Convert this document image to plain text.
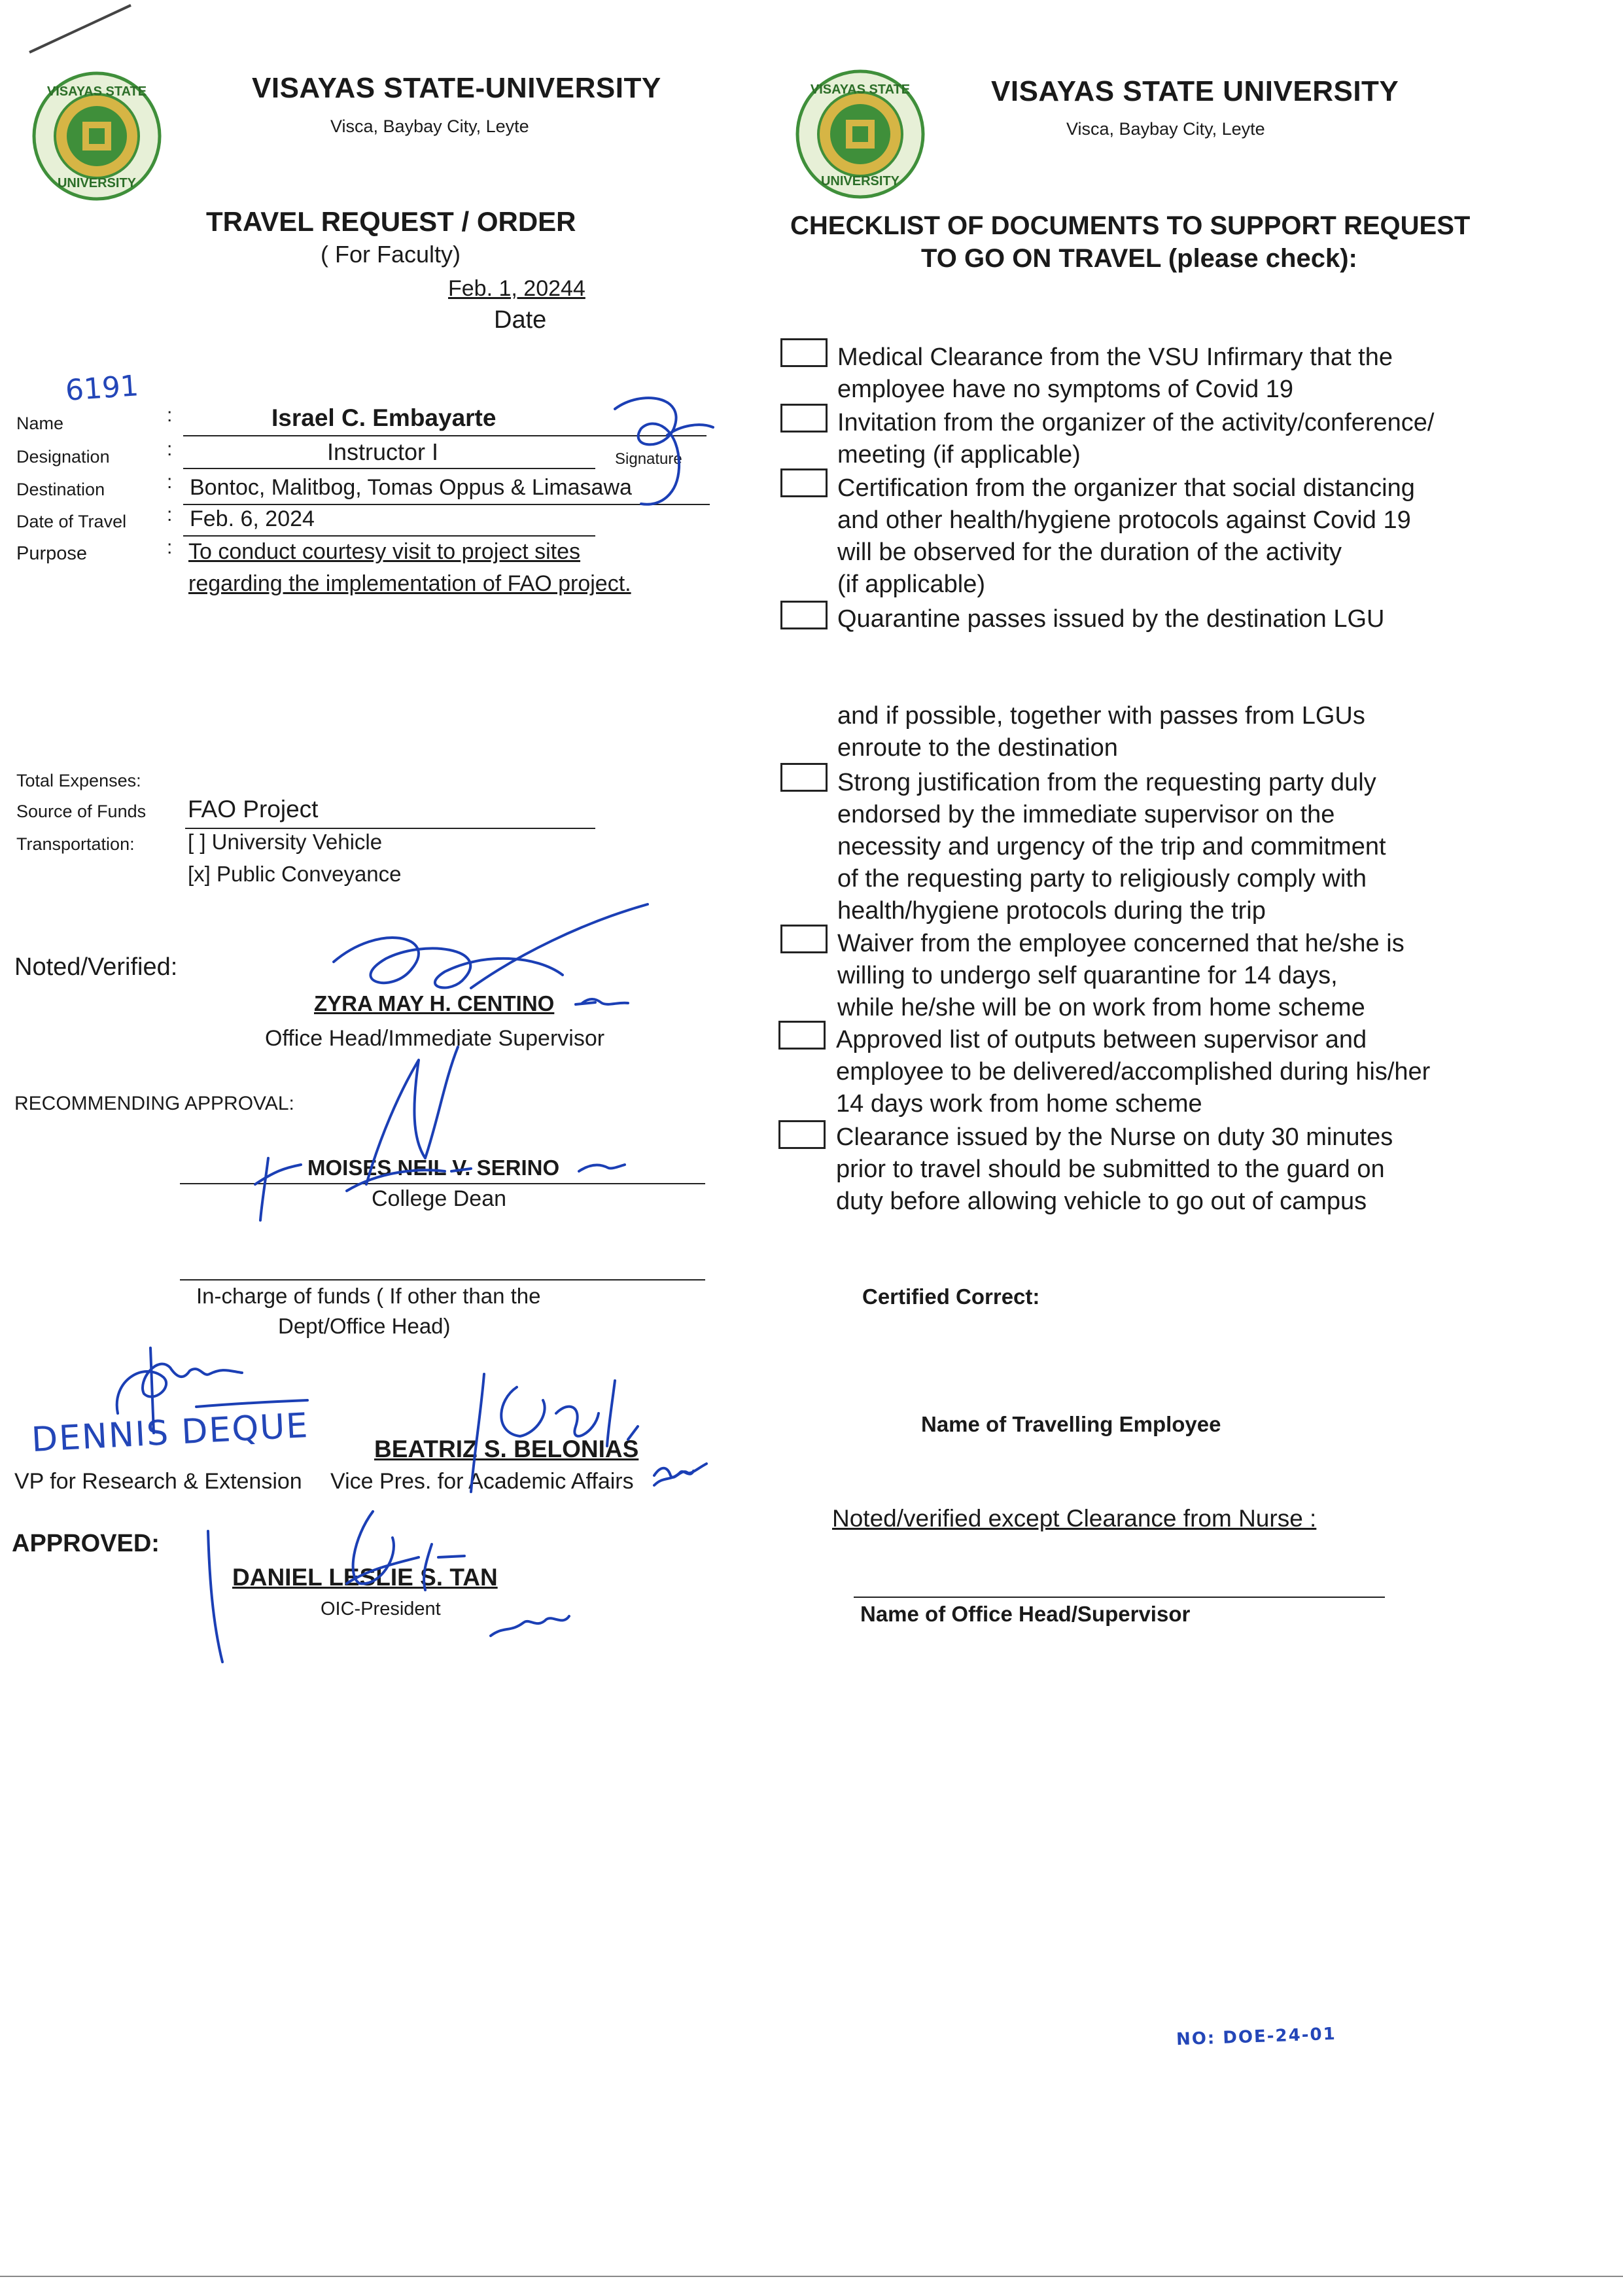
VISAYAS STATE
UNIVERSITY
VISAYAS STATE-UNIVERSITY
Visca, Baybay City, Leyte
VISAYAS STATE
UNIVERSITY
VISAYAS STATE UNIVERSITY
Visca, Baybay City, Leyte
TRAVEL REQUEST / ORDER
( For Faculty)
Feb. 1, 20244
Date
6191
Name	:	Israel C. Embayarte
Designation	:	Instructor I	Signature
Destination	: Bontoc, Malitbog, Tomas Oppus & Limasawa
Date of Travel : Feb. 6, 2024
Purpose	: To conduct courtesy visit to project sites
regarding the implementation of FAO project.
Total Expenses:
Source of Funds FAO Project
Transportation: [ ] University Vehicle
[x] Public Conveyance
Noted/Verified:
ZYRA MAY H. CENTINO
Office Head/Immediate Supervisor
RECOMMENDING APPROVAL:
MOISES NEIL V. SERINO
College Dean
In-charge of funds ( If other than the
Dept/Office Head)
DENNIS DEQUE
VP for Research & Extension
BEATRIZ S. BELONIAS
Vice Pres. for Academic Affairs
APPROVED:
DANIEL LESLIE S. TAN
OIC-President
CHECKLIST OF DOCUMENTS TO SUPPORT REQUEST
TO GO ON TRAVEL (please check):
Medical Clearance from the VSU Infirmary that the
employee have no symptoms of Covid 19
Invitation from the organizer of the activity/conference/
meeting (if applicable)
Certification from the organizer that social distancing
and other health/hygiene protocols against Covid 19
will be observed for the duration of the activity
(if applicable)
Quarantine passes issued by the destination LGU
and if possible, together with passes from LGUs
enroute to the destination
Strong justification from the requesting party duly
endorsed by the immediate supervisor on the
necessity and urgency of the trip and commitment
of the requesting party to religiously comply with
health/hygiene protocols during the trip
Waiver from the employee concerned that he/she is
willing to undergo self quarantine for 14 days,
while he/she will be on work from home scheme
Approved list of outputs between supervisor and
employee to be delivered/accomplished during his/her
14 days work from home scheme
Clearance issued by the Nurse on duty 30 minutes
prior to travel should be submitted to the guard on
duty before allowing vehicle to go out of campus
Certified Correct:
Name of Travelling Employee
Noted/verified except Clearance from Nurse :
Name of Office Head/Supervisor
NO: DOE-24-01
